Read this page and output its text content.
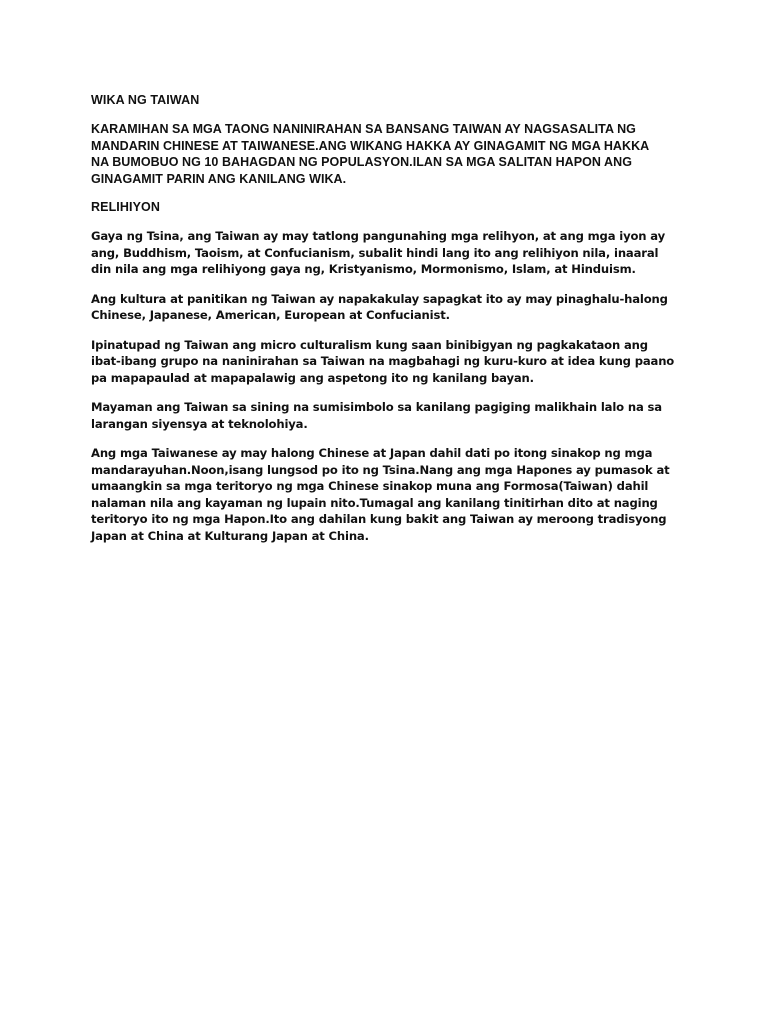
WIKA NG TAIWAN
KARAMIHAN SA MGA TAONG NANINIRAHAN SA BANSANG TAIWAN AY NAGSASALITA NG
MANDARIN CHINESE AT TAIWANESE.ANG WIKANG HAKKA AY GINAGAMIT NG MGA HAKKA
NA BUMOBUO NG 10 BAHAGDAN NG POPULASYON.ILAN SA MGA SALITAN HAPON ANG
GINAGAMIT PARIN ANG KANILANG WIKA.
RELIHIYON
Gaya ng Tsina, ang Taiwan ay may tatlong pangunahing mga relihyon, at ang mga iyon ay
ang, Buddhism, Taoism, at Confucianism, subalit hindi lang ito ang relihiyon nila, inaaral
din nila ang mga relihiyong gaya ng, Kristyanismo, Mormonismo, Islam, at Hinduism.
Ang kultura at panitikan ng Taiwan ay napakakulay sapagkat ito ay may pinaghalu-halong
Chinese, Japanese, American, European at Confucianist.
Ipinatupad ng Taiwan ang micro culturalism kung saan binibigyan ng pagkakataon ang
ibat-ibang grupo na naninirahan sa Taiwan na magbahagi ng kuru-kuro at idea kung paano
pa mapapaulad at mapapalawig ang aspetong ito ng kanilang bayan.
Mayaman ang Taiwan sa sining na sumisimbolo sa kanilang pagiging malikhain lalo na sa
larangan siyensya at teknolohiya.
Ang mga Taiwanese ay may halong Chinese at Japan dahil dati po itong sinakop ng mga
mandarayuhan.Noon,isang lungsod po ito ng Tsina.Nang ang mga Hapones ay pumasok at
umaangkin sa mga teritoryo ng mga Chinese sinakop muna ang Formosa(Taiwan) dahil
nalaman nila ang kayaman ng lupain nito.Tumagal ang kanilang tinitirhan dito at naging
teritoryo ito ng mga Hapon.Ito ang dahilan kung bakit ang Taiwan ay meroong tradisyong
Japan at China at Kulturang Japan at China.
